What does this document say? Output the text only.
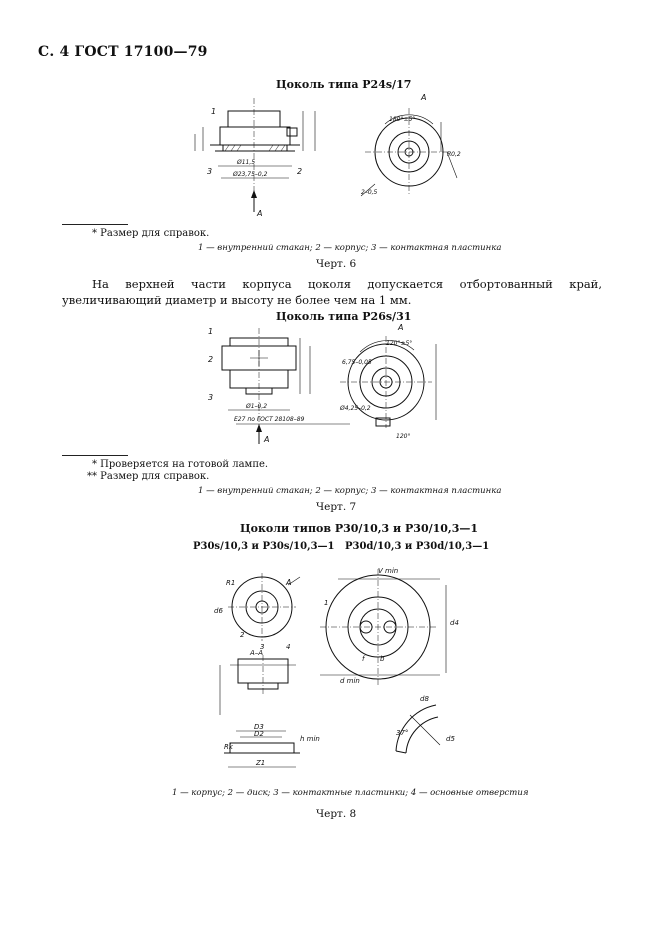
С. 4 ГОСТ 17100—79
Цоколь типа P24s/17
1
2
3
Ø11,5
Ø23,75–0,2
А
А
180°±5°
R0,2
2–0,5
* Размер для справок.
1 — внутренний стакан; 2 — корпус; 3 — контактная пластинка
Черт. 6
На верхней части корпуса цоколя допускается отбортованный край, увеличивающий диаметр и высоту не более чем на 1 мм.
Цоколь типа P26s/31
1
2
3
Ø1–0,2
E27 по ГОСТ 28108–89
А
А
120°±5°
6,75–0,05
Ø4,25–0,2
120°
* Проверяется на готовой лампе.
** Размер для справок.
1 — внутренний стакан; 2 — корпус; 3 — контактная пластинка
Черт. 7
Цоколи типов P30/10,3 и P30/10,3—1
P30s/10,3 и P30s/10,3—1 P30d/10,3 и P30d/10,3—1
R1
d6
А
2
3	4
А–А
D3
D2
Z1
Rk
h min
V min
1
d4
f b
d min
37°
d8
d5
1 — корпус; 2 — диск; 3 — контактные пластинки; 4 — основные отверстия
Черт. 8
